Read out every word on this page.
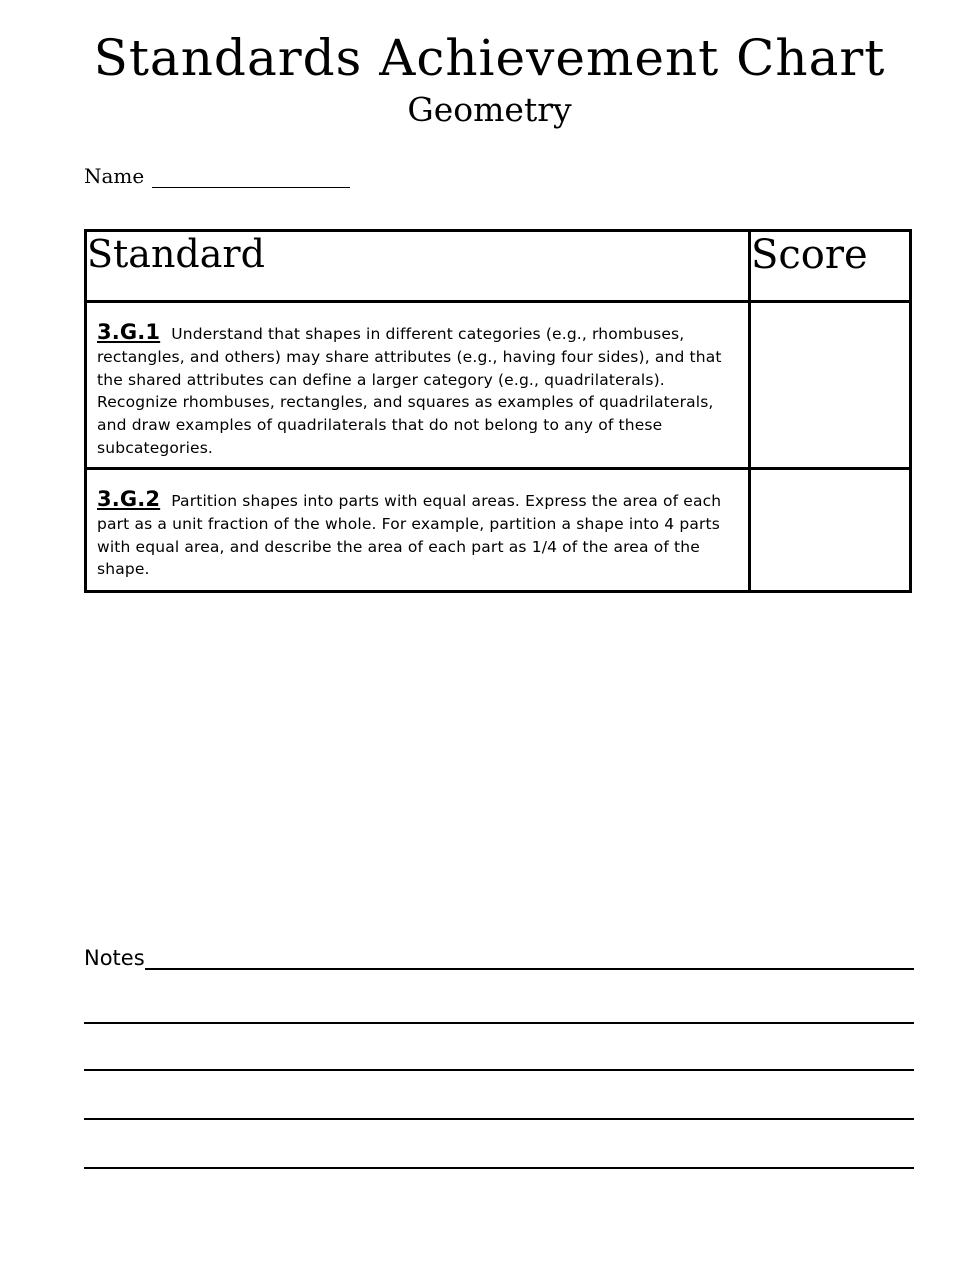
Standards Achievement Chart
Geometry
Name
Standard	Score

3.G.1 Understand that shapes in different categories (e.g., rhombuses, rectangles, and others) may share attributes (e.g., having four sides), and that the shared attributes can define a larger category (e.g., quadrilaterals). Recognize rhombuses, rectangles, and squares as examples of quadrilaterals, and draw examples of quadrilaterals that do not belong to any of these subcategories.	

3.G.2 Partition shapes into parts with equal areas. Express the area of each part as a unit fraction of the whole. For example, partition a shape into 4 parts with equal area, and describe the area of each part as 1/4 of the area of the shape.	

Notes
